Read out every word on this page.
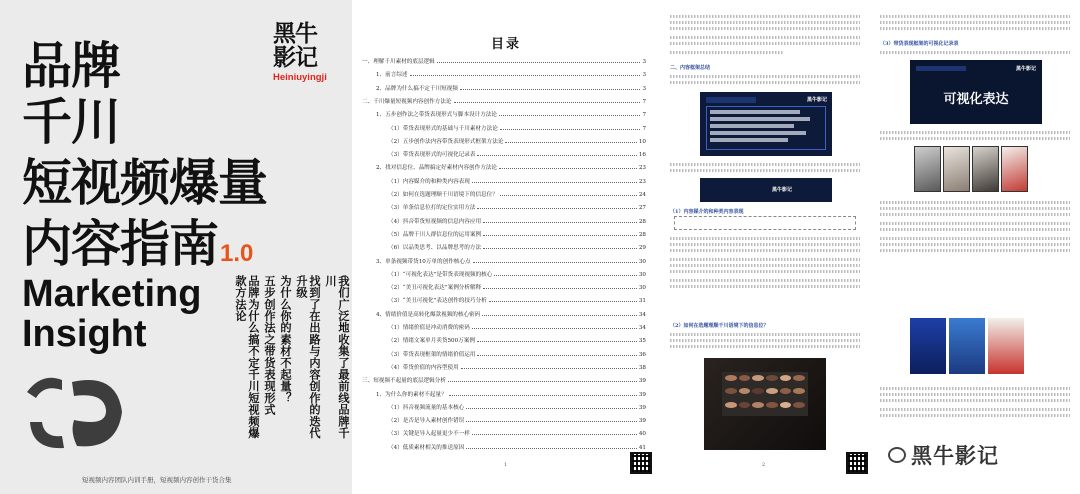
黑牛
影记
Heiniuyingji
品牌
千川
短视频爆量
内容指南1.0
Marketing
Insight	我们广泛地收集了最前线品牌千川
找到了在出路与内容创作的迭代升级
为什么你的素材不起量？
五步创作法之带货表现形式
品牌为什么搞不定千川短视频爆款方法论
短视频内容团队内训手册，短视频内容创作干货合集
目录
一、理解千川素材的底层逻辑	3
1、前言综述	3
2、品牌为什么搞不定千川短视频	3
二、千川爆量短视频内容创作方法论	7
1、五步创作法之带货表现形式与脚本设计方法论	7
（1）带货表现形式的基础与千川素材方法论	7
（2）五步创作法内容带货表现形式框架方法论	10
（3）带货表现形式的可视化记录表	16
2、找对信息位、品牌搞定好素材内容创作方法论	23
（1）内容媒介的和种类内容表现	23
（2）如何在选题理顺千川语境下的信息位？	24
（3）单条信息位打的定位实用方法	27
（4）抖音带货短视频的信息内容应用	28
（5）品牌千川人群信息位的运用案例	28
（6）以品类思考、以品牌思考的方法	29
3、单条视频带货10万单的创作核心点	30
（1）“可视化表达”是带货表现视频的核心	30
（2）“美丑可视化表达”案例分析解释	30
（3）“美丑可视化”表达创作的技巧分析	31
4、情绪价值是高转化爆款视频的核心密码	34
（1）情绪价值是冲动消费的密码	34
（2）情绪文案单月卖货500万案例	35
（3）带货表现框架的情绪价值运用	36
（4）带货价值的内容型使用	38
三、短视频不起量的底层逻辑分析	39
1、为什么你的素材不起量？	39
（1）抖音视频流量的基本核心	39
（2）是否是导入素材创作错误	39
（3）关键是导入起量更少不一样	40
（4）低质素材相关的推送原因	41
1
二、内容框架总结
黑牛影记
黑牛影记
（1）内容媒介的和种类内容表现
（2）如何在选题理顺千川语境下的信息位？
2
（3）带货表现框架的可视化记录表
黑牛影记
可视化表达
黑牛影记
